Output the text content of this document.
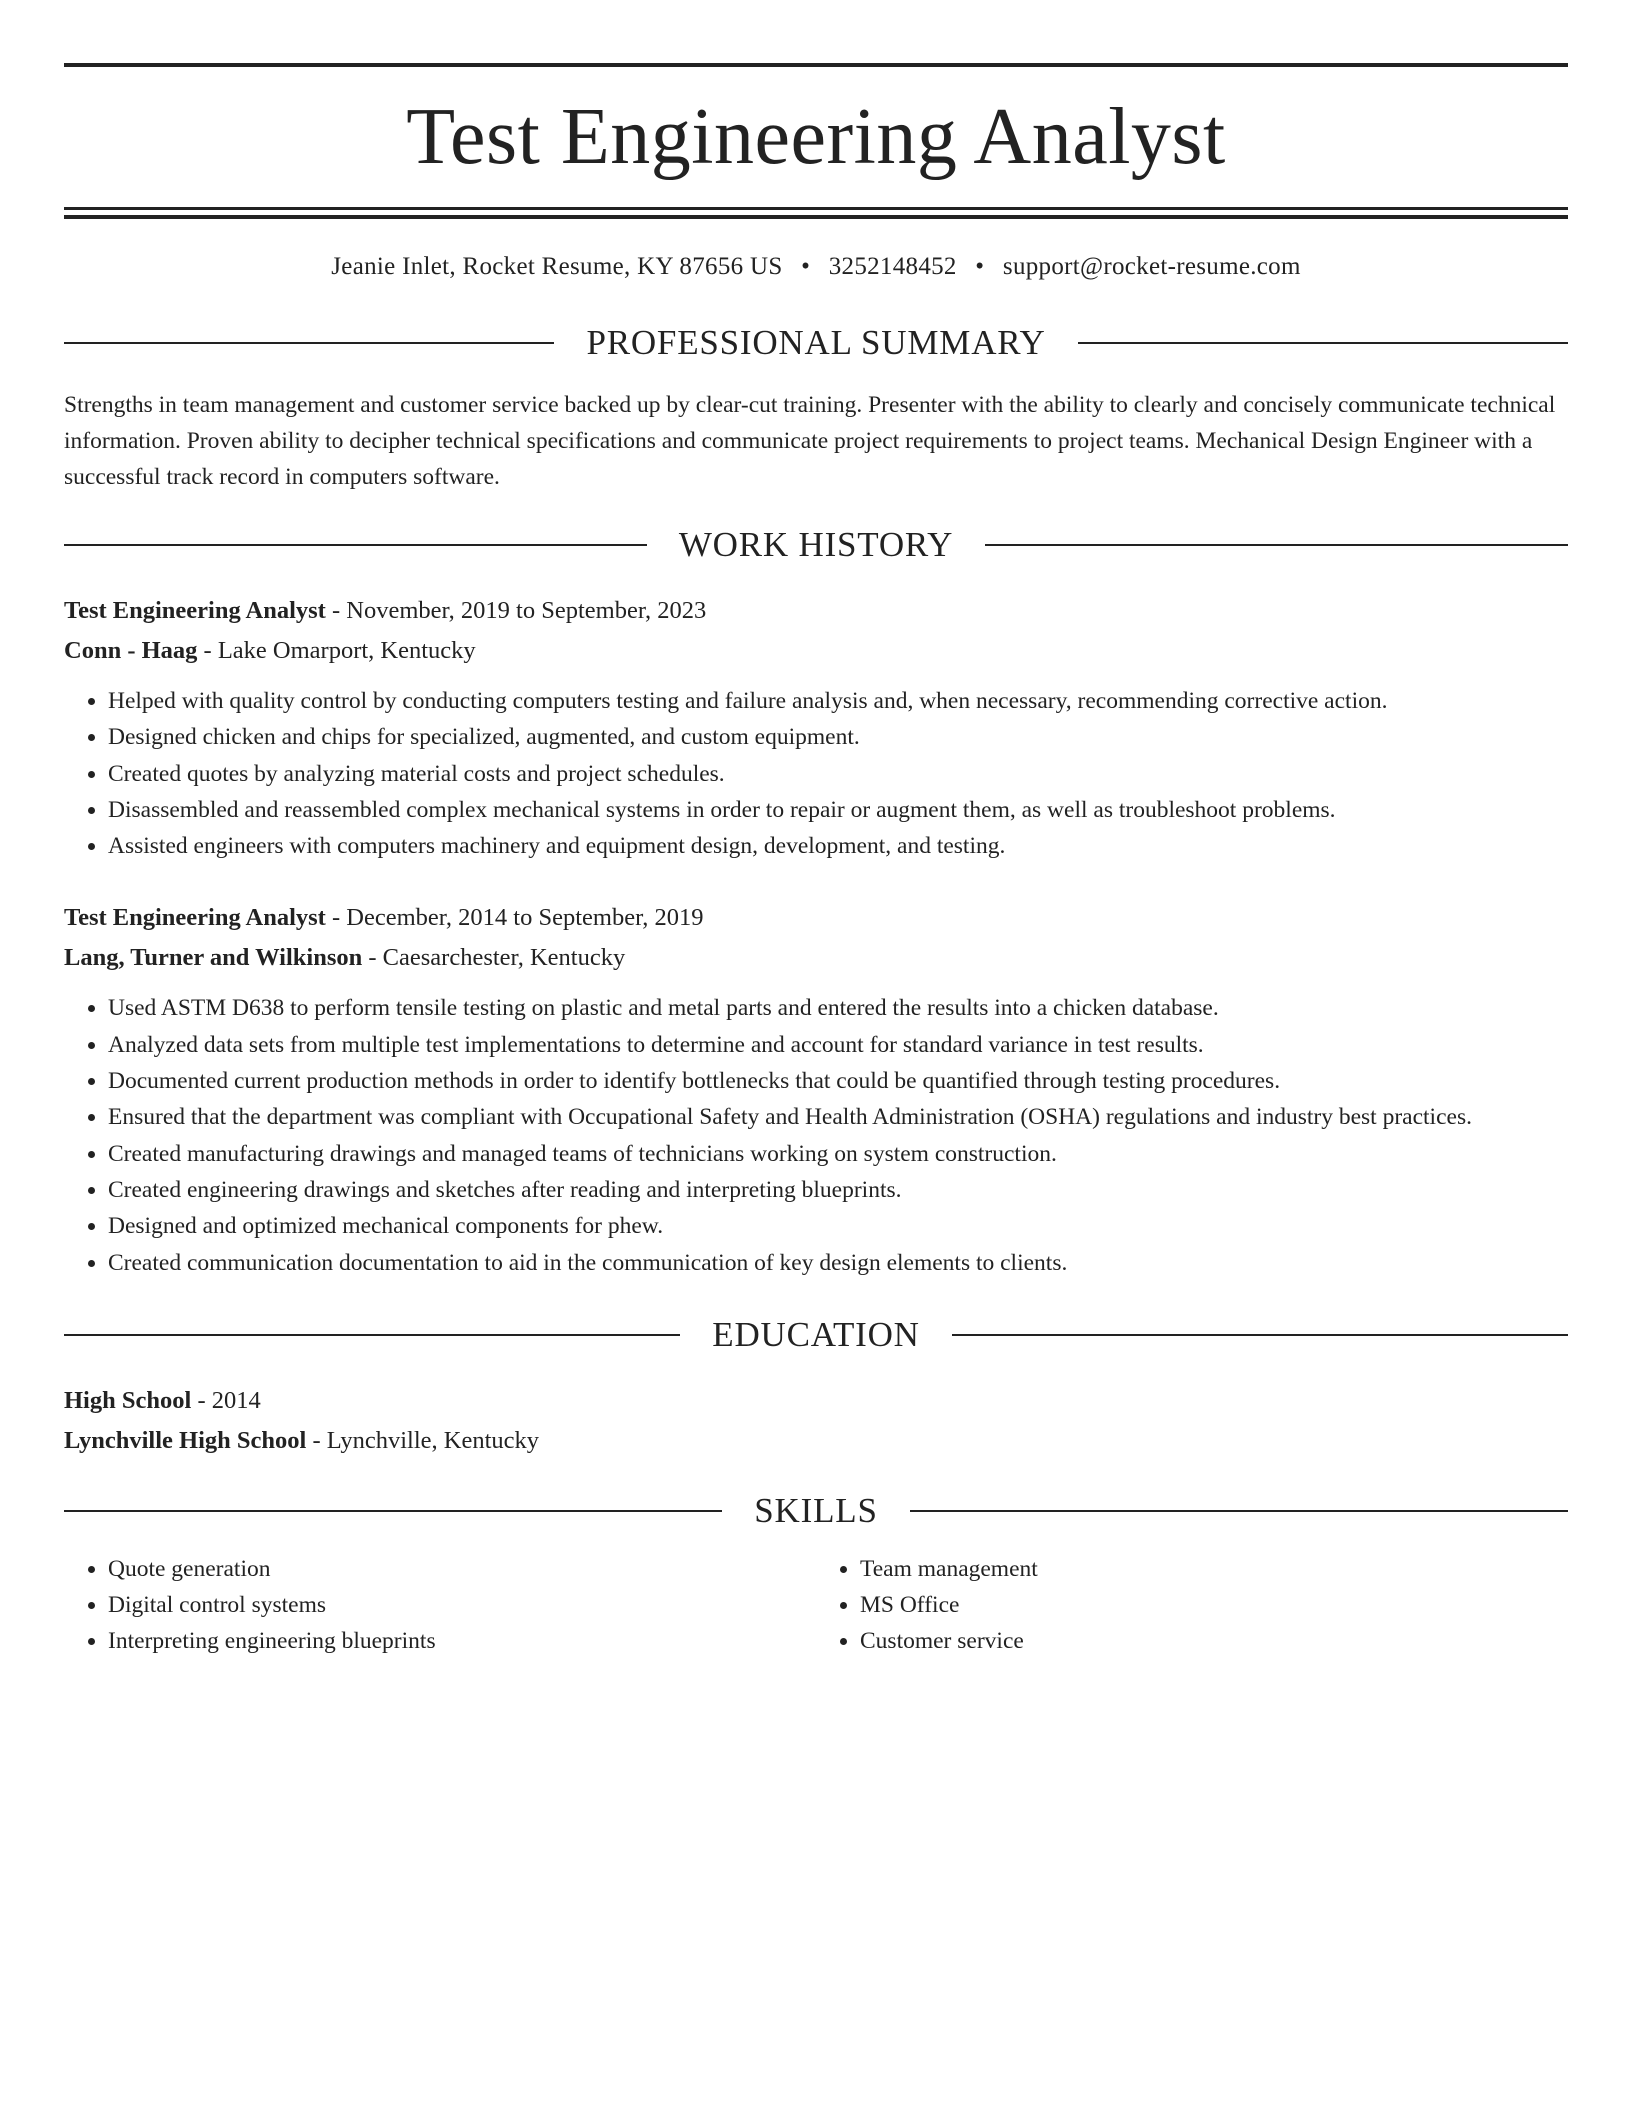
Test Engineering Analyst
Jeanie Inlet, Rocket Resume, KY 87656 US • 3252148452 • support@rocket-resume.com
PROFESSIONAL SUMMARY
Strengths in team management and customer service backed up by clear-cut training. Presenter with the ability to clearly and concisely communicate technical information. Proven ability to decipher technical specifications and communicate project requirements to project teams. Mechanical Design Engineer with a successful track record in computers software.
WORK HISTORY
Test Engineering Analyst - November, 2019 to September, 2023
Conn - Haag - Lake Omarport, Kentucky
• Helped with quality control by conducting computers testing and failure analysis and, when necessary, recommending corrective action.
• Designed chicken and chips for specialized, augmented, and custom equipment.
• Created quotes by analyzing material costs and project schedules.
• Disassembled and reassembled complex mechanical systems in order to repair or augment them, as well as troubleshoot problems.
• Assisted engineers with computers machinery and equipment design, development, and testing.
Test Engineering Analyst - December, 2014 to September, 2019
Lang, Turner and Wilkinson - Caesarchester, Kentucky
• Used ASTM D638 to perform tensile testing on plastic and metal parts and entered the results into a chicken database.
• Analyzed data sets from multiple test implementations to determine and account for standard variance in test results.
• Documented current production methods in order to identify bottlenecks that could be quantified through testing procedures.
• Ensured that the department was compliant with Occupational Safety and Health Administration (OSHA) regulations and industry best practices.
• Created manufacturing drawings and managed teams of technicians working on system construction.
• Created engineering drawings and sketches after reading and interpreting blueprints.
• Designed and optimized mechanical components for phew.
• Created communication documentation to aid in the communication of key design elements to clients.
EDUCATION
High School - 2014
Lynchville High School - Lynchville, Kentucky
SKILLS
• Quote generation
• Digital control systems
• Interpreting engineering blueprints
• Team management
• MS Office
• Customer service
